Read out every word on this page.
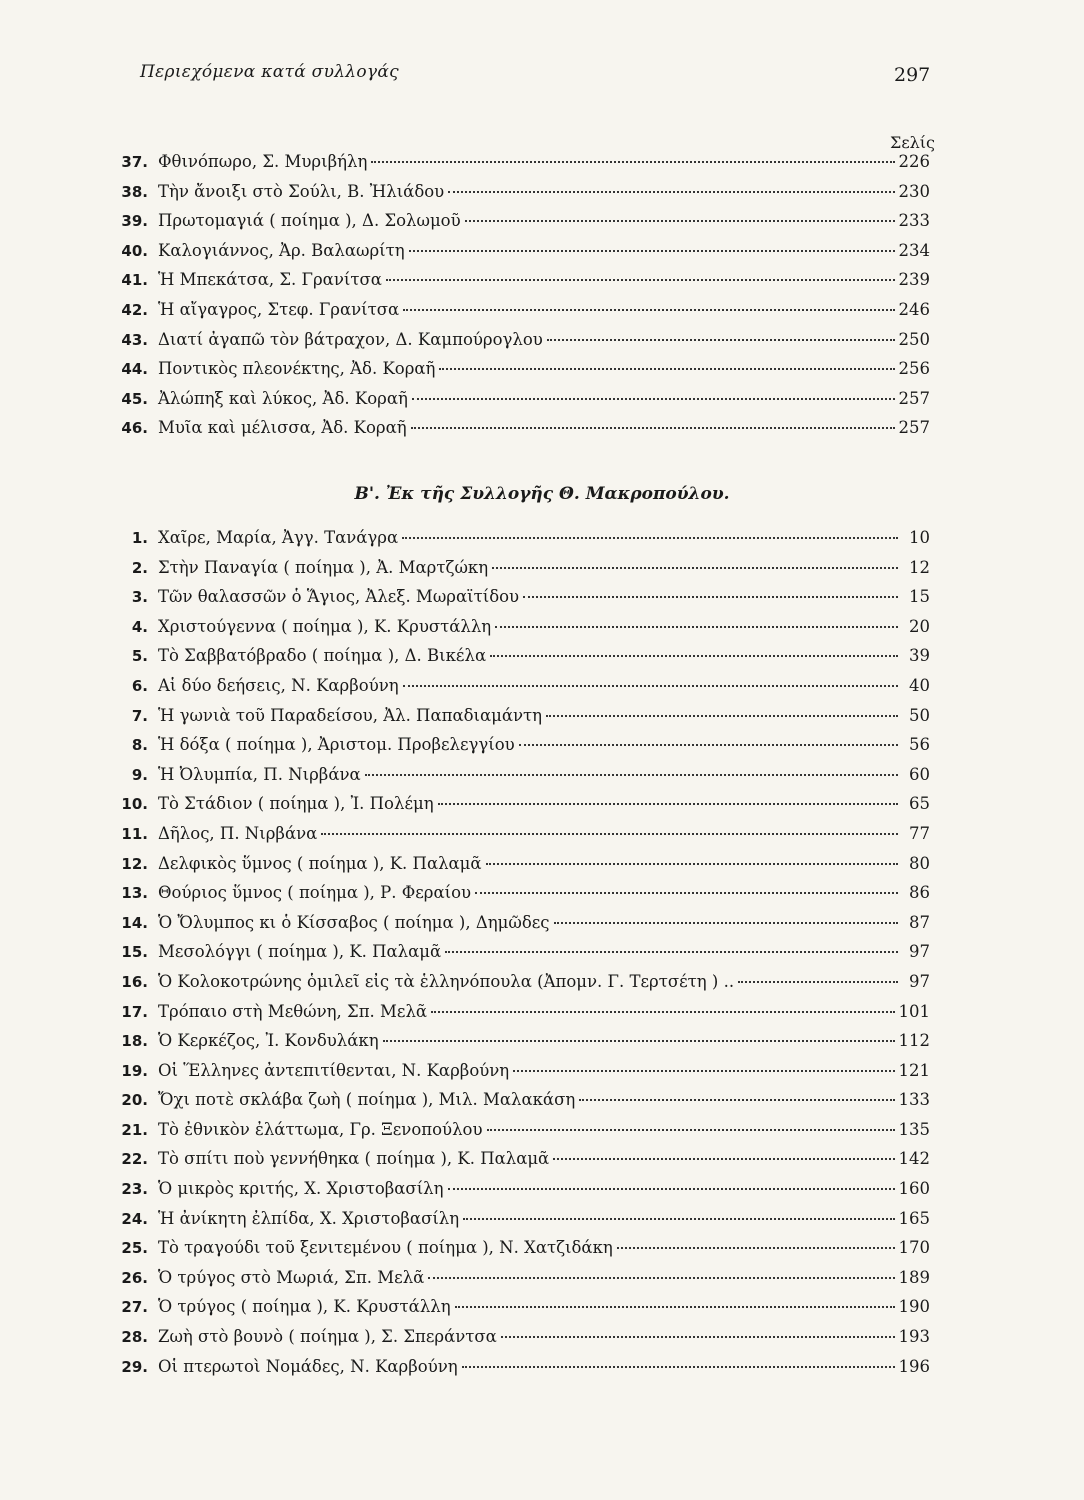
Περιεχόμενα κατά συλλογάς	297
Σελίς
37. Φθινόπωρο, Σ. Μυριβήλη	226
38. Τὴν ἄνοιξι στὸ Σούλι, Β. Ἠλιάδου	230
39. Πρωτομαγιά ( ποίημα ), Δ. Σολωμοῦ	233
40. Καλογιάννος, Ἀρ. Βαλαωρίτη	234
41. Ἡ Μπεκάτσα, Σ. Γρανίτσα	239
42. Ἡ αἴγαγρος, Στεφ. Γρανίτσα	246
43. Διατί ἀγαπῶ τὸν βάτραχον, Δ. Καμπούρογλου	250
44. Ποντικὸς πλεονέκτης, Ἀδ. Κοραῆ	256
45. Ἀλώπηξ καὶ λύκος, Ἀδ. Κοραῆ	257
46. Μυῖα καὶ μέλισσα, Ἀδ. Κοραῆ	257
Β'. Ἐκ τῆς Συλλογῆς Θ. Μακροπούλου.
1. Χαῖρε, Μαρία, Ἀγγ. Τανάγρα	10
2. Στὴν Παναγία ( ποίημα ), Ἀ. Μαρτζώκη	12
3. Τῶν θαλασσῶν ὁ Ἅγιος, Ἀλεξ. Μωραϊτίδου	15
4. Χριστούγεννα ( ποίημα ), Κ. Κρυστάλλη	20
5. Τὸ Σαββατόβραδο ( ποίημα ), Δ. Βικέλα	39
6. Αἱ δύο δεήσεις, Ν. Καρβούνη	40
7. Ἡ γωνιὰ τοῦ Παραδείσου, Ἀλ. Παπαδιαμάντη	50
8. Ἡ δόξα ( ποίημα ), Ἀριστομ. Προβελεγγίου	56
9. Ἡ Ὀλυμπία, Π. Νιρβάνα	60
10. Τὸ Στάδιον ( ποίημα ), Ἰ. Πολέμη	65
11. Δῆλος, Π. Νιρβάνα	77
12. Δελφικὸς ὕμνος ( ποίημα ), Κ. Παλαμᾶ	80
13. Θούριος ὕμνος ( ποίημα ), Ρ. Φεραίου	86
14. Ὁ Ὄλυμπος κι ὁ Κίσσαβος ( ποίημα ), Δημῶδες	87
15. Μεσολόγγι ( ποίημα ), Κ. Παλαμᾶ	97
16. Ὁ Κολοκοτρώνης ὁμιλεῖ εἰς τὰ ἑλληνόπουλα (Ἀπομν. Γ. Τερτσέτη ) ..	97
17. Τρόπαιο στὴ Μεθώνη, Σπ. Μελᾶ	101
18. Ὁ Κερκέζος, Ἰ. Κονδυλάκη	112
19. Οἱ Ἕλληνες ἀντεπιτίθενται, Ν. Καρβούνη	121
20. Ὄχι ποτὲ σκλάβα ζωὴ ( ποίημα ), Μιλ. Μαλακάση	133
21. Τὸ ἐθνικὸν ἐλάττωμα, Γρ. Ξενοπούλου	135
22. Τὸ σπίτι ποὺ γεννήθηκα ( ποίημα ), Κ. Παλαμᾶ	142
23. Ὁ μικρὸς κριτής, Χ. Χριστοβασίλη	160
24. Ἡ ἀνίκητη ἐλπίδα, Χ. Χριστοβασίλη	165
25. Τὸ τραγούδι τοῦ ξενιτεμένου ( ποίημα ), Ν. Χατζιδάκη	170
26. Ὁ τρύγος στὸ Μωριά, Σπ. Μελᾶ	189
27. Ὁ τρύγος ( ποίημα ), Κ. Κρυστάλλη	190
28. Ζωὴ στὸ βουνὸ ( ποίημα ), Σ. Σπεράντσα	193
29. Οἱ πτερωτοὶ Νομάδες, Ν. Καρβούνη	196
